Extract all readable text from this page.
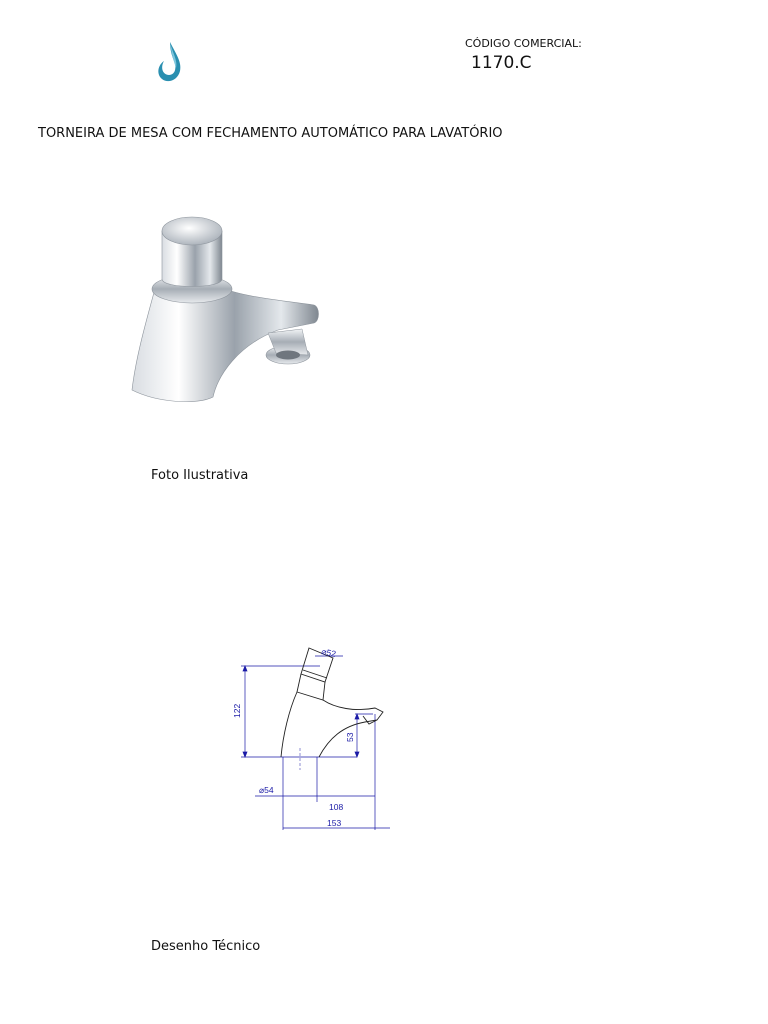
CÓDIGO COMERCIAL:
1170.C
TORNEIRA DE MESA COM FECHAMENTO AUTOMÁTICO PARA LAVATÓRIO
Foto Ilustrativa
⌀52
122
53
⌀54
108
153
Desenho Técnico
